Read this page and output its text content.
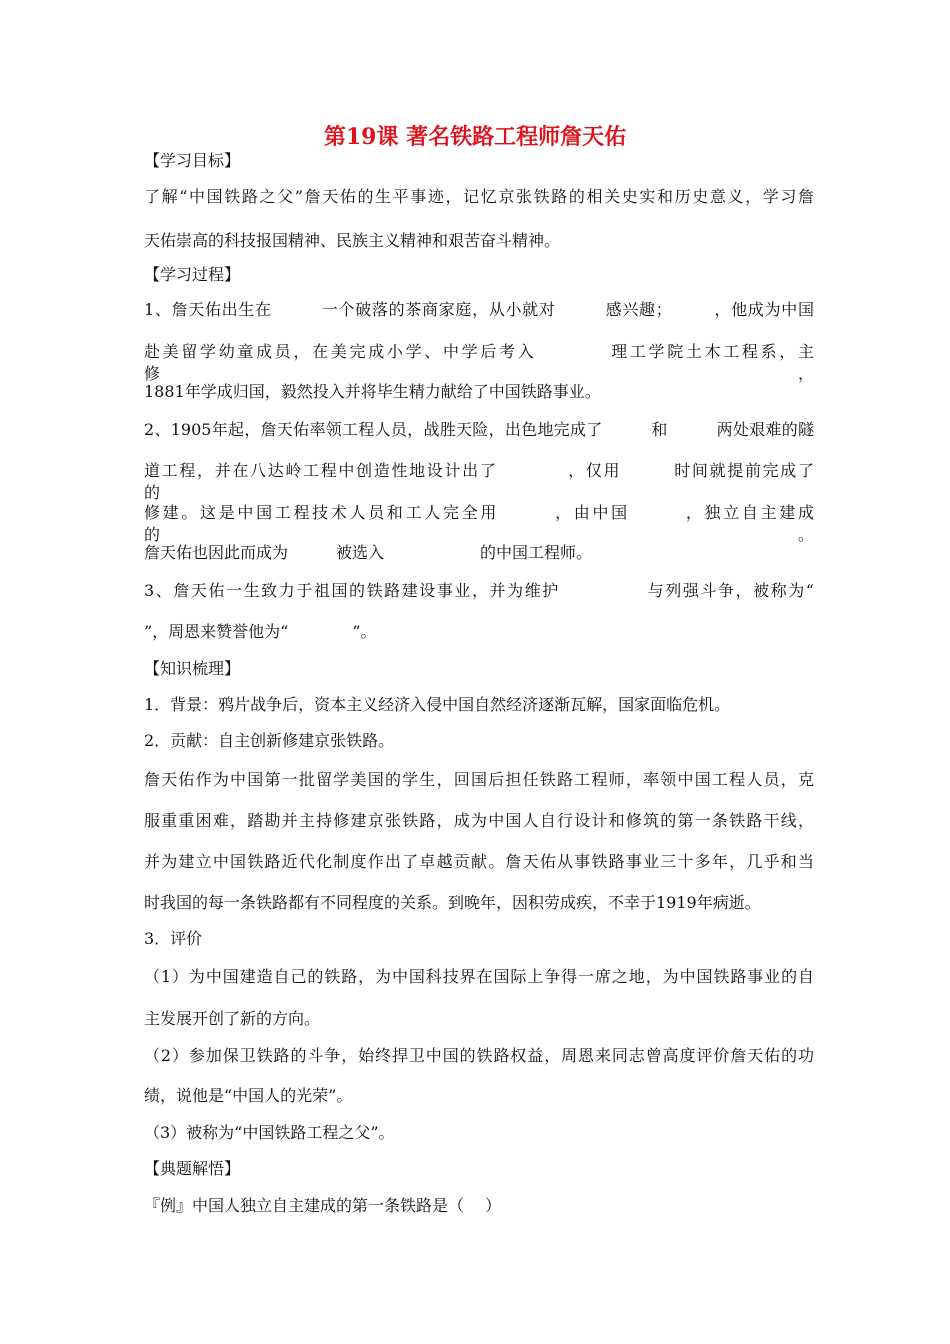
第19课 著名铁路工程师詹天佑
【学习目标】
了解“中国铁路之父”詹天佑的生平事迹，记忆京张铁路的相关史实和历史意义，学习詹
天佑崇高的科技报国精神、民族主义精神和艰苦奋斗精神。
【学习过程】
1、詹天佑出生在　　　一个破落的茶商家庭，从小就对　　　感兴趣；　　　，他成为中国
赴美留学幼童成员，在美完成小学、中学后考入　　　　理工学院土木工程系，主修　　　　，
1881年学成归国，毅然投入并将毕生精力献给了中国铁路事业。
2、1905年起，詹天佑率领工程人员，战胜天险，出色地完成了　　　和　　　两处艰难的隧
道工程，并在八达岭工程中创造性地设计出了　　　　，仅用　　　时间就提前完成了　　　的
修建。这是中国工程技术人员和工人完全用　　　，由中国　　　，独立自主建成的　　　　。
詹天佑也因此而成为　　　被选入　　　　　　的中国工程师。
3、詹天佑一生致力于祖国的铁路建设事业，并为维护　　　　　与列强斗争，被称为“
”，周恩来赞誉他为“　　　　”。
【知识梳理】
1．背景：鸦片战争后，资本主义经济入侵中国自然经济逐渐瓦解，国家面临危机。
2．贡献：自主创新修建京张铁路。
詹天佑作为中国第一批留学美国的学生，回国后担任铁路工程师，率领中国工程人员，克
服重重困难，踏勘并主持修建京张铁路，成为中国人自行设计和修筑的第一条铁路干线，
并为建立中国铁路近代化制度作出了卓越贡献。詹天佑从事铁路事业三十多年，几乎和当
时我国的每一条铁路都有不同程度的关系。到晚年，因积劳成疾，不幸于1919年病逝。
3．评价
（1）为中国建造自己的铁路，为中国科技界在国际上争得一席之地，为中国铁路事业的自
主发展开创了新的方向。
（2）参加保卫铁路的斗争，始终捍卫中国的铁路权益，周恩来同志曾高度评价詹天佑的功
绩，说他是“中国人的光荣”。
（3）被称为“中国铁路工程之父”。
【典题解悟】
『例』中国人独立自主建成的第一条铁路是（　 ）
